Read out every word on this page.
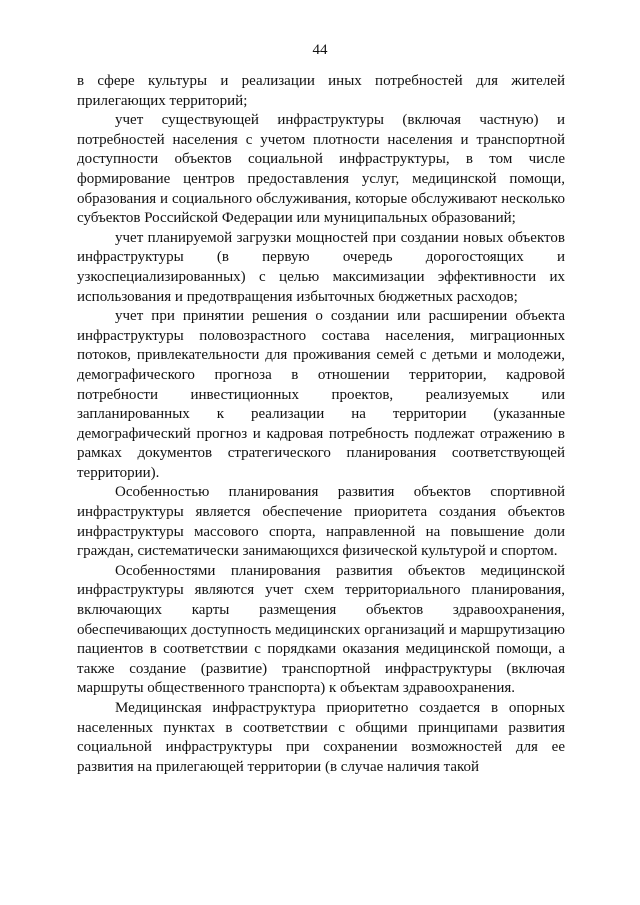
44

в сфере культуры и реализации иных потребностей для жителей прилегающих территорий;

учет существующей инфраструктуры (включая частную) и потребностей населения с учетом плотности населения и транспортной доступности объектов социальной инфраструктуры, в том числе формирование центров предоставления услуг, медицинской помощи, образования и социального обслуживания, которые обслуживают несколько субъектов Российской Федерации или муниципальных образований;

учет планируемой загрузки мощностей при создании новых объектов инфраструктуры (в первую очередь дорогостоящих и узкоспециализированных) с целью максимизации эффективности их использования и предотвращения избыточных бюджетных расходов;

учет при принятии решения о создании или расширении объекта инфраструктуры половозрастного состава населения, миграционных потоков, привлекательности для проживания семей с детьми и молодежи, демографического прогноза в отношении территории, кадровой потребности инвестиционных проектов, реализуемых или запланированных к реализации на территории (указанные демографический прогноз и кадровая потребность подлежат отражению в рамках документов стратегического планирования соответствующей территории).

Особенностью планирования развития объектов спортивной инфраструктуры является обеспечение приоритета создания объектов инфраструктуры массового спорта, направленной на повышение доли граждан, систематически занимающихся физической культурой и спортом.

Особенностями планирования развития объектов медицинской инфраструктуры являются учет схем территориального планирования, включающих карты размещения объектов здравоохранения, обеспечивающих доступность медицинских организаций и маршрутизацию пациентов в соответствии с порядками оказания медицинской помощи, а также создание (развитие) транспортной инфраструктуры (включая маршруты общественного транспорта) к объектам здравоохранения.

Медицинская инфраструктура приоритетно создается в опорных населенных пунктах в соответствии с общими принципами развития социальной инфраструктуры при сохранении возможностей для ее развития на прилегающей территории (в случае наличия такой
